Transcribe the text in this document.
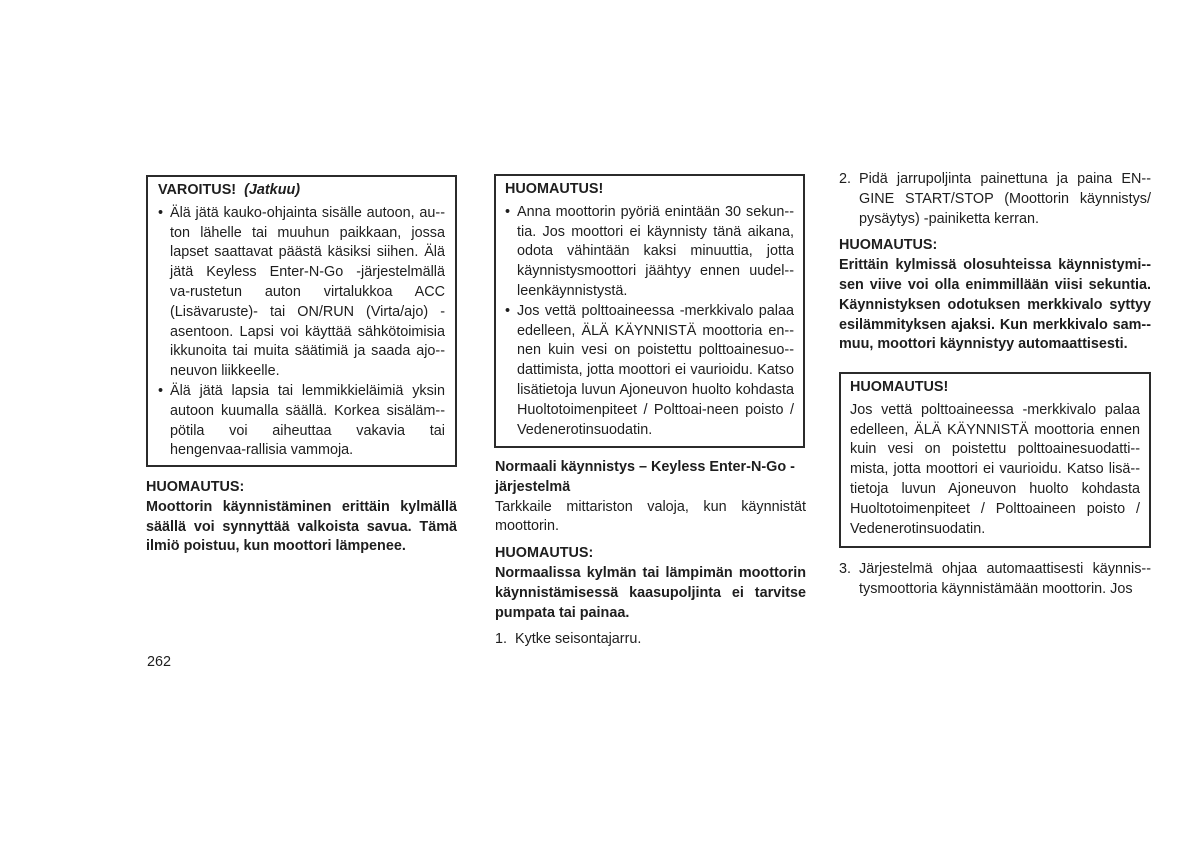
VAROITUS! (Jatkuu)
• Älä jätä kauko-ohjainta sisälle autoon, au-ton lähelle tai muuhun paikkaan, jossa lapset saattavat päästä käsiksi siihen. Älä jätä Keyless Enter-N-Go -järjestelmällä va-rustetun auton virtalukkoa ACC (Lisävaruste)- tai ON/RUN (Virta/ajo) -asentoon. Lapsi voi käyttää sähkötoimisia ikkunoita tai muita säätimiä ja saada ajo-neuvon liikkeelle.
• Älä jätä lapsia tai lemmikkieläimiä yksin autoon kuumalla säällä. Korkea sisäläm-pötila voi aiheuttaa vakavia tai hengenvaa-rallisia vammoja.
HUOMAUTUS:
Moottorin käynnistäminen erittäin kylmällä säällä voi synnyttää valkoista savua. Tämä ilmiö poistuu, kun moottori lämpenee.
HUOMAUTUS!
• Anna moottorin pyöriä enintään 30 sekun-tia. Jos moottori ei käynnisty tänä aikana, odota vähintään kaksi minuuttia, jotta käynnistysmoottori jäähtyy ennen uudel-leenkäynnistystä.
• Jos vettä polttoaineessa -merkkivalo palaa edelleen, ÄLÄ KÄYNNISTÄ moottoria en-nen kuin vesi on poistettu polttoainesuo-dattimista, jotta moottori ei vaurioidu. Katso lisätietoja luvun Ajoneuvon huolto kohdasta Huoltotoimenpiteet / Polttoai-neen poisto / Vedenerotinsuodatin.
Normaali käynnistys – Keyless Enter-N-Go -järjestelmä
Tarkkaile mittariston valoja, kun käynnistät moottorin.
HUOMAUTUS:
Normaalissa kylmän tai lämpimän moottorin käynnistämisessä kaasupoljinta ei tarvitse pumpata tai painaa.
1. Kytke seisontajarru.
2. Pidä jarrupoljinta painettuna ja paina EN-GINE START/STOP (Moottorin käynnistys/ pysäytys) -painiketta kerran.
HUOMAUTUS:
Erittäin kylmissä olosuhteissa käynnistymi-sen viive voi olla enimmillään viisi sekuntia. Käynnistyksen odotuksen merkkivalo syttyy esilämmityksen ajaksi. Kun merkkivalo sam-muu, moottori käynnistyy automaattisesti.
HUOMAUTUS!
Jos vettä polttoaineessa -merkkivalo palaa edelleen, ÄLÄ KÄYNNISTÄ moottoria ennen kuin vesi on poistettu polttoainesuodatti-mista, jotta moottori ei vaurioidu. Katso lisä-tietoja luvun Ajoneuvon huolto kohdasta Huoltotoimenpiteet / Polttoaineen poisto / Vedenerotinsuodatin.
3. Järjestelmä ohjaa automaattisesti käynnis-tysmoottoria käynnistämään moottorin. Jos
262
